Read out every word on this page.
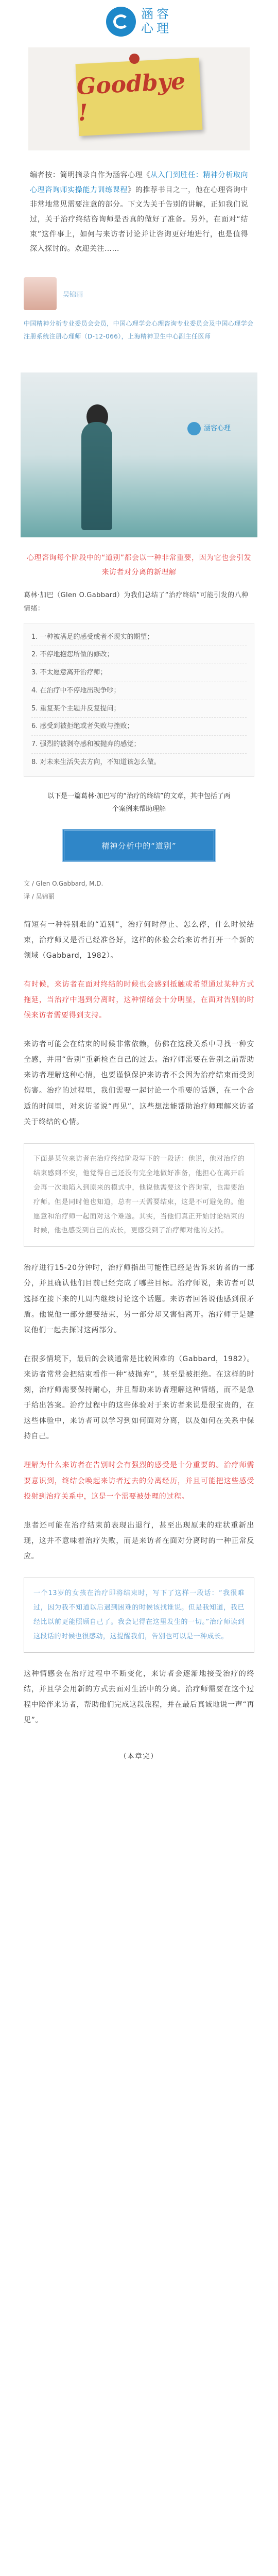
涵容
心理
Goodbye !
编者按：简明摘录自作为涵容心理《从入门到胜任：精神分析取向心理咨询师实操能力训练课程》的推荐书目之一，他在心理咨询中非常地常见需要注意的部分。下文为关于告别的讲解，正如我们说过，关于治疗终结咨询师是否真的做好了准备。另外，在面对“结束”这件事上，如何与来访者讨论并让咨询更好地进行，也是值得深入探讨的。欢迎关注……
吴锦丽
中国精神分析专业委员会会员，中国心理学会心理咨询专业委员会及中国心理学会注册系统注册心理师（D-12-066），上海精神卫生中心副主任医师
涵容心理
心理咨询每个阶段中的“道别”都会以一种非常重要，因为它也会引发来访者对分离的新理解
葛林·加巴（Glen O.Gabbard）为我们总结了“治疗终结”可能引发的八种情绪：
1. 一种被满足的感受或者不现实的期望；
2. 不停地抱怨所做的修改；
3. 不太愿意离开治疗师；
4. 在治疗中不停地出现争吵；
5. 重复某个主题并反复提问；
6. 感受到被拒绝或者失败与挫败；
7. 强烈的被剥夺感和被抛弃的感觉；
8. 对未来生活失去方向，不知道该怎么做。
以下是一篇葛林·加巴写的“治疗的终结”的文章，其中包括了两个案例来帮助理解
精神分析中的“道别”
文 / Glen O.Gabbard, M.D.
译 / 吴锦丽
简短有一种特别难的“道别”，治疗何时停止、怎么停，什么时候结束，治疗师又是否已经准备好，这样的体验会给来访者打开一个新的领域（Gabbard，1982）。
有时候，来访者在面对终结的时候也会感到抵触或希望通过某种方式拖延，当治疗中遇到分离时，这种情绪会十分明显，在面对告别的时候来访者需要得到支持。
来访者可能会在结束的时候非常依赖，仿佛在这段关系中寻找一种安全感，并用“告别”重新检查自己的过去。治疗师需要在告别之前帮助来访者理解这种心情，也要谨慎保护来访者不会因为治疗结束而受到伤害。治疗的过程里，我们需要一起讨论一个重要的话题，在一个合适的时间里，对来访者说“再见”，这些想法能帮助治疗师理解来访者关于终结的心情。
下面是某位来访者在治疗终结阶段写下的一段话：他说，他对治疗的结束感到不安，他觉得自己还没有完全地做好准备，他担心在离开后会再一次地陷入到原来的模式中，他说他需要这个咨询室，也需要治疗师。但是同时他也知道，总有一天需要结束，这是不可避免的。他愿意和治疗师一起面对这个难题。其实，当他们真正开始讨论结束的时候，他也感受到自己的成长，更感受到了治疗师对他的支持。
治疗进行15-20分钟时，治疗师指出可能性已经是告诉来访者的一部分，并且确认他们目前已经完成了哪些目标。治疗师说，来访者可以选择在接下来的几周内继续讨论这个话题。来访者回答说他感到很矛盾。他说他一部分想要结束，另一部分却又害怕离开。治疗师于是建议他们一起去探讨这两部分。
在很多情境下，最后的会谈通常是比较困难的（Gabbard，1982）。来访者常常会把结束看作一种“被抛弃”，甚至是被拒绝。在这样的时刻，治疗师需要保持耐心，并且帮助来访者理解这种情绪，而不是急于给出答案。治疗过程中的这些体验对于来访者来说是很宝贵的，在这些体验中，来访者可以学习到如何面对分离，以及如何在关系中保持自己。
理解为什么来访者在告别时会有强烈的感受是十分重要的。治疗师需要意识到，终结会唤起来访者过去的分离经历，并且可能把这些感受投射到治疗关系中，这是一个需要被处理的过程。
患者还可能在治疗结束前表现出退行，甚至出现原来的症状重新出现，这并不意味着治疗失败，而是来访者在面对分离时的一种正常反应。
一个13岁的女孩在治疗即将结束时，写下了这样一段话：“我很难过，因为我不知道以后遇到困难的时候该找谁说。但是我知道，我已经比以前更能照顾自己了。我会记得在这里发生的一切。”治疗师读到这段话的时候也很感动，这提醒我们，告别也可以是一种成长。
这种情感会在治疗过程中不断变化，来访者会逐渐地接受治疗的终结，并且学会用新的方式去面对生活中的分离。治疗师需要在这个过程中陪伴来访者，帮助他们完成这段旅程，并在最后真诚地说一声“再见”。
（本章完）
